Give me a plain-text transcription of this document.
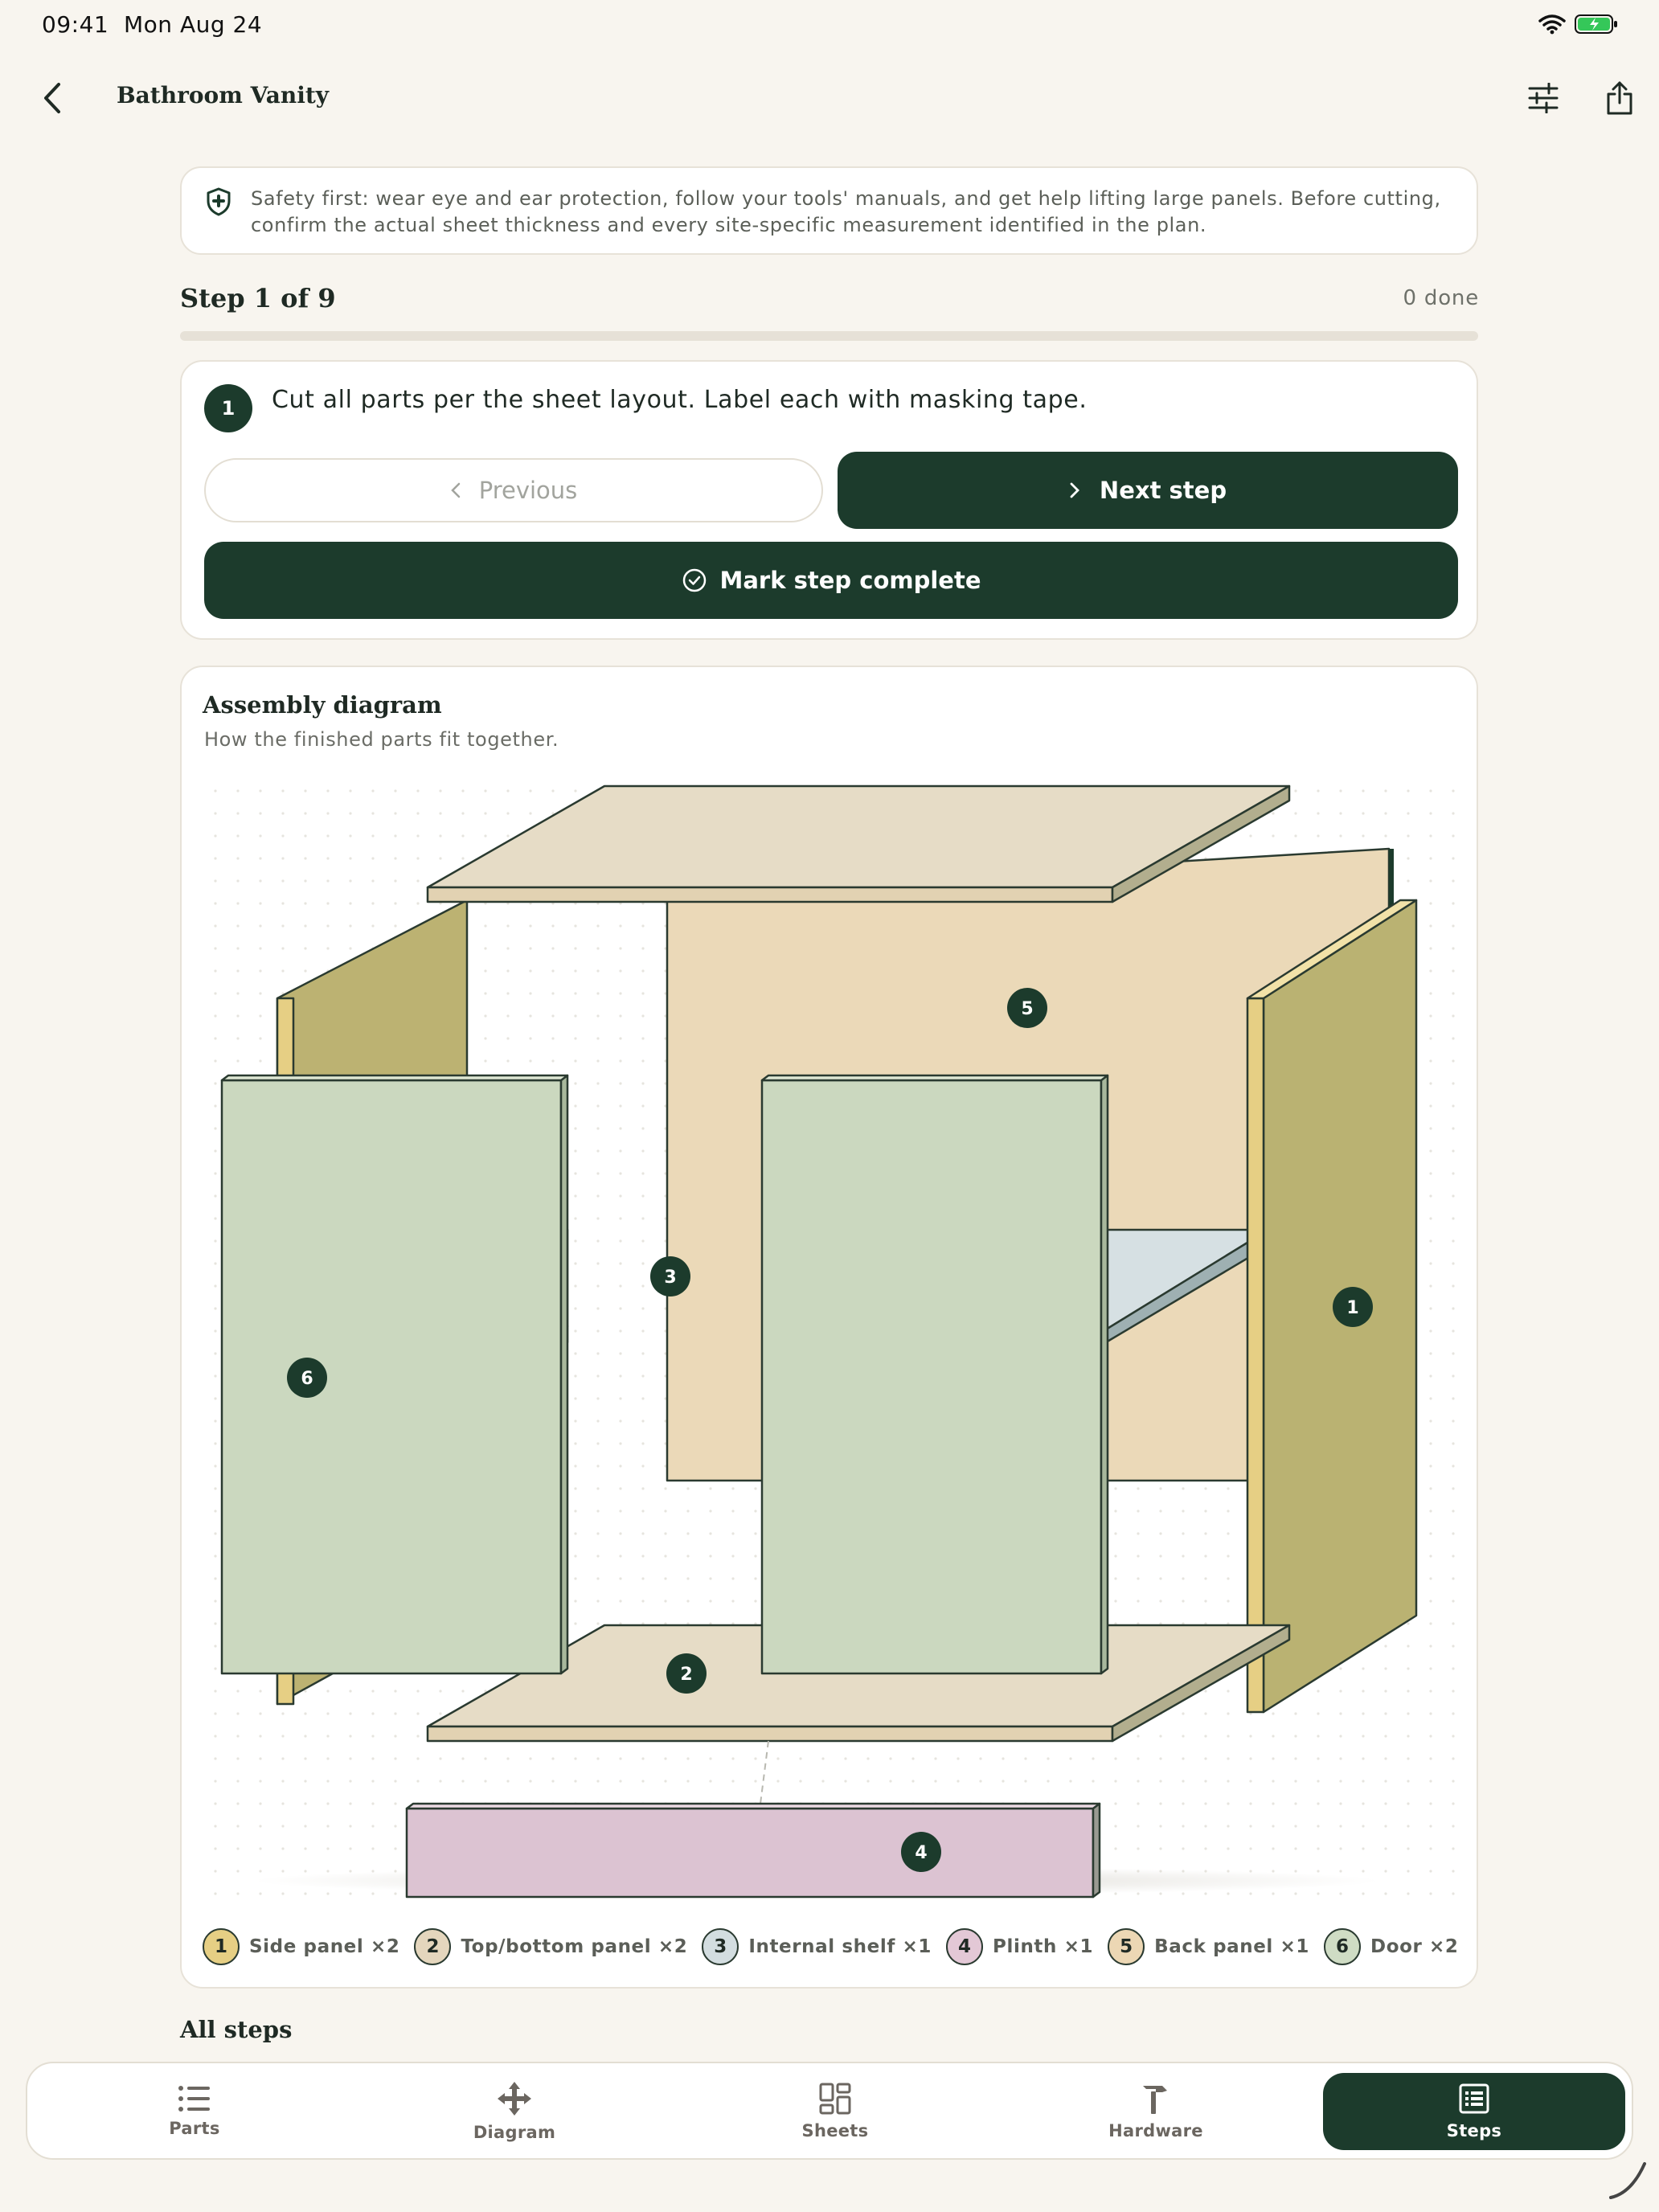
09:41 Mon Aug 24
Bathroom Vanity
Safety first: wear eye and ear protection, follow your tools' manuals, and get help lifting large panels. Before cutting, confirm the actual sheet thickness and every site-specific measurement identified in the plan.
Step 1 of 9	0 done
1	Cut all parts per the sheet layout. Label each with masking tape.
Previous	Next step
Mark step complete
Assembly diagram
How the finished parts fit together.
1
2
3
4
5
6
1	Side panel ×2	2	Top/bottom panel ×2	3	Internal shelf ×1	4	Plinth ×1	5	Back panel ×1	6	Door ×2
All steps
Parts	Diagram	Sheets	Hardware	Steps
